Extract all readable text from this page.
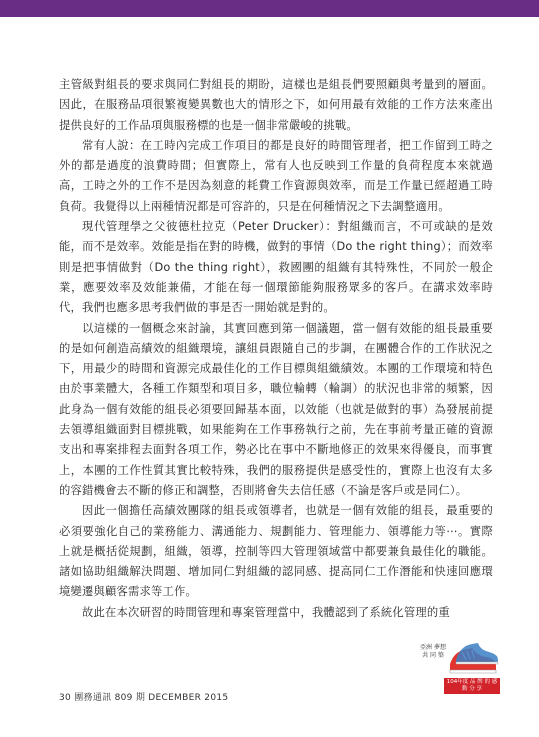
主管級對組長的要求與同仁對組長的期盼，這樣也是組長們要照顧與考量到的層面。因此，在服務品項很繁複變異數也大的情形之下，如何用最有效能的工作方法來產出提供良好的工作品項與服務標的也是一個非常嚴峻的挑戰。

常有人說：在工時內完成工作項目的都是良好的時間管理者，把工作留到工時之外的都是過度的浪費時間；但實際上，常有人也反映到工作量的負荷程度本來就過高，工時之外的工作不是因為刻意的耗費工作資源與效率，而是工作量已經超過工時負荷。我覺得以上兩種情況都是可容許的，只是在何種情況之下去調整適用。

現代管理學之父彼德杜拉克（Peter Drucker）：對組織而言，不可或缺的是效能，而不是效率。效能是指在對的時機，做對的事情（Do the right thing）；而效率則是把事情做對（Do the thing right），救國團的組織有其特殊性，不同於一般企業，應要效率及效能兼備，才能在每一個環節能夠服務眾多的客戶。在講求效率時代，我們也應多思考我們做的事是否一開始就是對的。

以這樣的一個概念來討論，其實回應到第一個議題，當一個有效能的組長最重要的是如何創造高績效的組織環境，讓組員跟隨自己的步調，在團體合作的工作狀況之下，用最少的時間和資源完成最佳化的工作目標與組織績效。本團的工作環境和特色由於事業體大，各種工作類型和項目多，職位輪轉（輪調）的狀況也非常的頻繁，因此身為一個有效能的組長必須要回歸基本面，以效能（也就是做對的事）為發展前提去領導組織面對目標挑戰，如果能夠在工作事務執行之前，先在事前考量正確的資源支出和專案排程去面對各項工作，勢必比在事中不斷地修正的效果來得優良，而事實上，本團的工作性質其實比較特殊，我們的服務提供是感受性的，實際上也沒有太多的容錯機會去不斷的修正和調整，否則將會失去信任感（不論是客戶或是同仁）。

因此一個擔任高績效團隊的組長或領導者，也就是一個有效能的組長，最重要的必須要強化自己的業務能力、溝通能力、規劃能力、管理能力、領導能力等⋯。實際上就是概括從規劃，組織，領導，控制等四大管理領域當中都要兼負最佳化的職能。諸如協助組織解決問題、增加同仁對組織的認同感、提高同仁工作潛能和快速回應環境變遷與顧客需求等工作。

故此在本次研習的時間管理和專案管理當中，我體認到了系統化管理的重

30 團務通訊 809 期 DECEMBER 2015
亞洲 夢想 共 同 築
104年度 品 牌 的 感 動 分 享
